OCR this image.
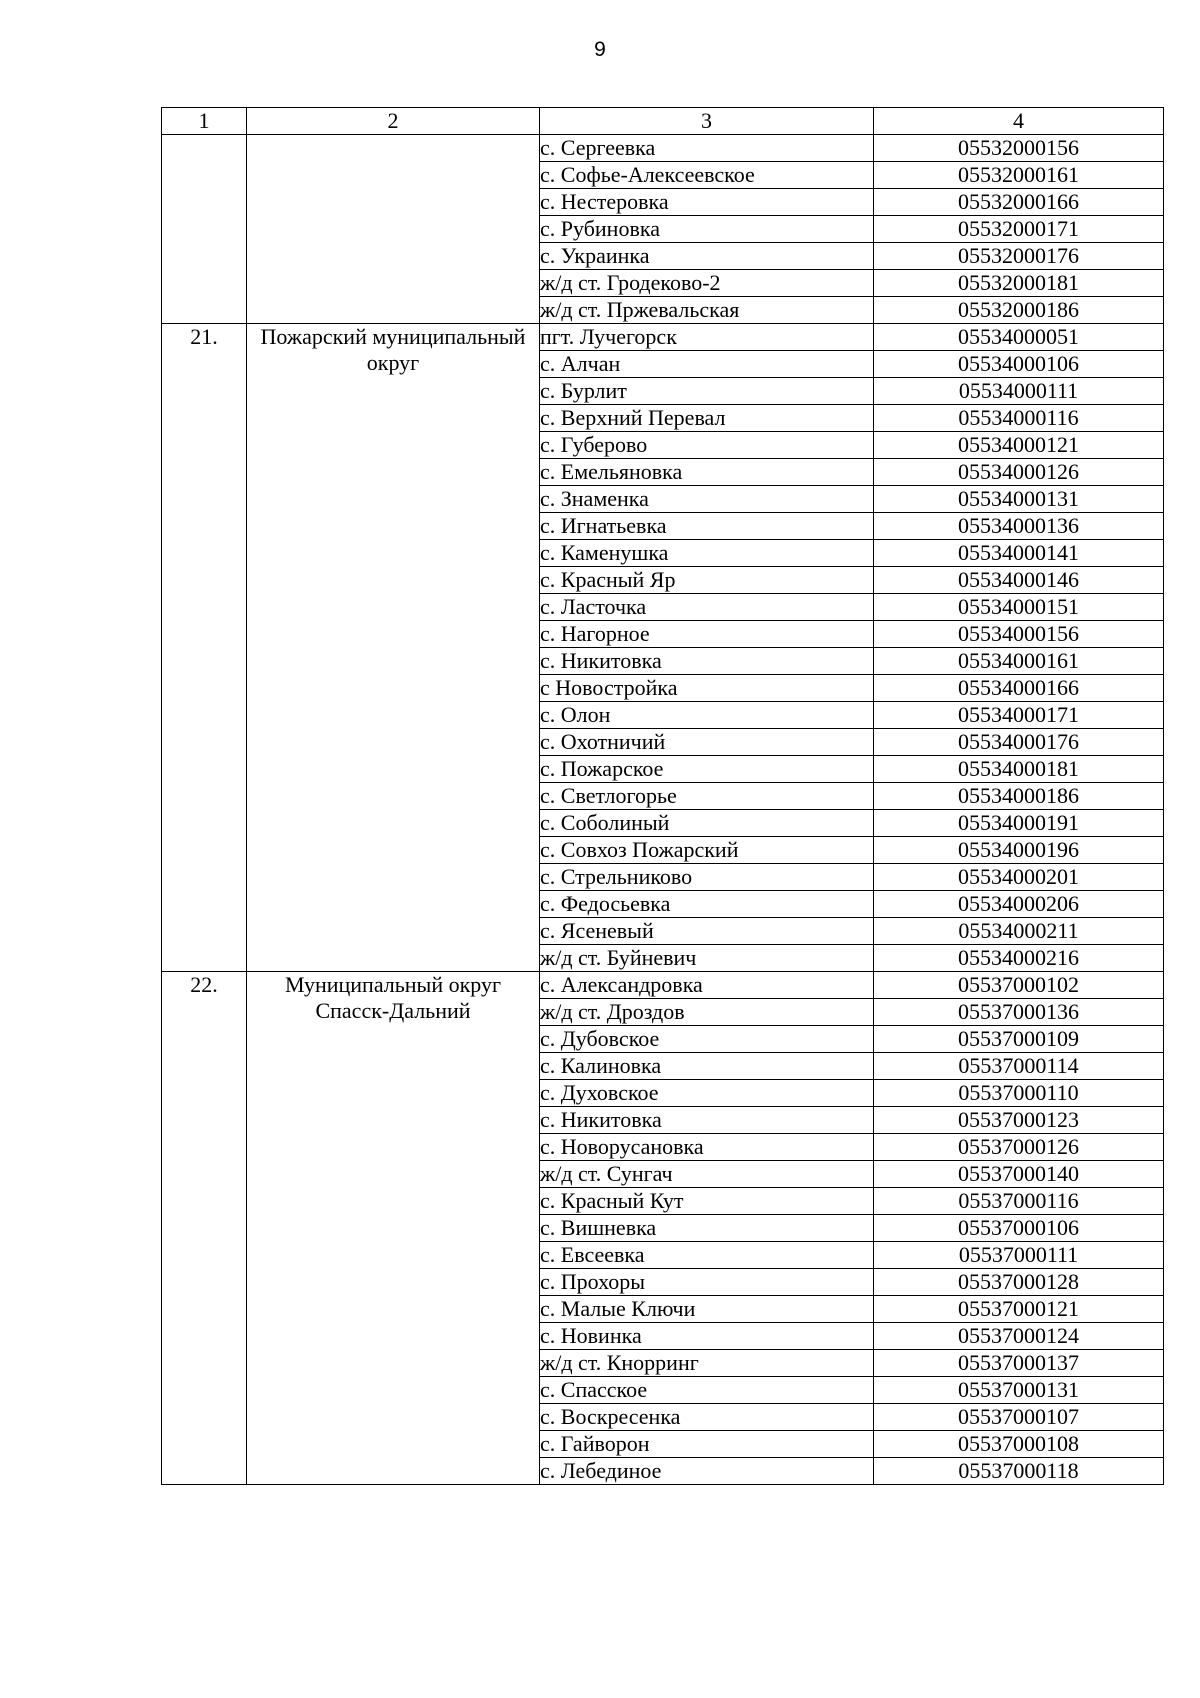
9
1	2	3	4
		с. Сергеевка	05532000156
		с. Софье-Алексеевское	05532000161
		с. Нестеровка	05532000166
		с. Рубиновка	05532000171
		с. Украинка	05532000176
		ж/д ст. Гродеково-2	05532000181
		ж/д ст. Пржевальская	05532000186
21.	Пожарский муниципальный округ	пгт. Лучегорск	05534000051
		с. Алчан	05534000106
		с. Бурлит	05534000111
		с. Верхний Перевал	05534000116
		с. Губерово	05534000121
		с. Емельяновка	05534000126
		с. Знаменка	05534000131
		с. Игнатьевка	05534000136
		с. Каменушка	05534000141
		с. Красный Яр	05534000146
		с. Ласточка	05534000151
		с. Нагорное	05534000156
		с. Никитовка	05534000161
		с Новостройка	05534000166
		с. Олон	05534000171
		с. Охотничий	05534000176
		с. Пожарское	05534000181
		с. Светлогорье	05534000186
		с. Соболиный	05534000191
		с. Совхоз Пожарский	05534000196
		с. Стрельниково	05534000201
		с. Федосьевка	05534000206
		с. Ясеневый	05534000211
		ж/д ст. Буйневич	05534000216
22.	Муниципальный округ Спасск-Дальний	с. Александровка	05537000102
		ж/д ст. Дроздов	05537000136
		с. Дубовское	05537000109
		с. Калиновка	05537000114
		с. Духовское	05537000110
		с. Никитовка	05537000123
		с. Новорусановка	05537000126
		ж/д ст. Сунгач	05537000140
		с. Красный Кут	05537000116
		с. Вишневка	05537000106
		с. Евсеевка	05537000111
		с. Прохоры	05537000128
		с. Малые Ключи	05537000121
		с. Новинка	05537000124
		ж/д ст. Кнорринг	05537000137
		с. Спасское	05537000131
		с. Воскресенка	05537000107
		с. Гайворон	05537000108
		с. Лебединое	05537000118
